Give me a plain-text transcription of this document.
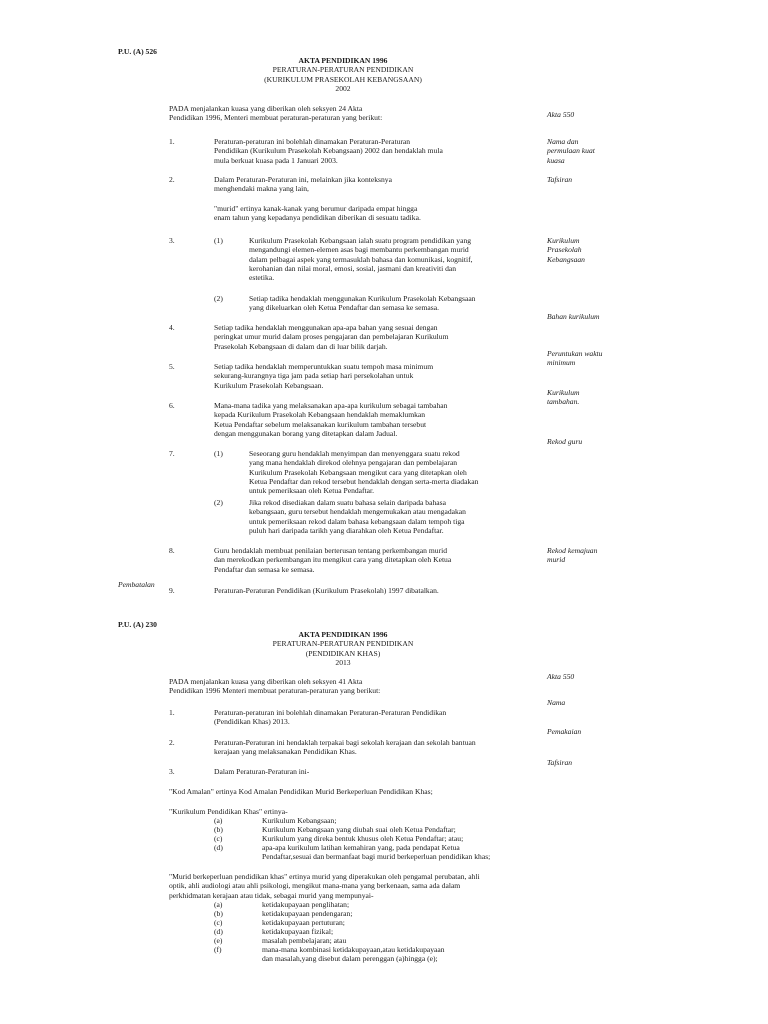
P.U. (A) 526
AKTA PENDIDIKAN 1996
PERATURAN-PERATURAN PENDIDIKAN
(KURIKULUM PRASEKOLAH KEBANGSAAN)
2002
PADA menjalankan kuasa yang diberikan oleh seksyen 24 Akta
Pendidikan 1996, Menteri membuat peraturan-peraturan yang berikut:	Akta 550
1.	Peraturan-peraturan ini bolehlah dinamakan Peraturan-Peraturan
Pendidikan (Kurikulum Prasekolah Kebangsaan) 2002 dan hendaklah mula
mula berkuat kuasa pada 1 Januari 2003.
Nama dan
permulaan kuat
kuasa
2.	Dalam Peraturan-Peraturan ini, melainkan jika konteksnya
menghendaki makna yang lain,
Tafsiran
"murid" ertinya kanak-kanak yang berumur daripada empat hingga
enam tahun yang kepadanya pendidikan diberikan di sesuatu tadika.
3.	(1)	Kurikulum Prasekolah Kebangsaan ialah suatu program pendidikan yang
mengandungi elemen-elemen asas bagi membantu perkembangan murid
dalam pelbagai aspek yang termasuklah bahasa dan komunikasi, kognitif,
kerohanian dan nilai moral, emosi, sosial, jasmani dan kreativiti dan
estetika.
Kurikulum
Prasekolah
Kebangsaan
(2)	Setiap tadika hendaklah menggunakan Kurikulum Prasekolah Kebangsaan
yang dikeluarkan oleh Ketua Pendaftar dan semasa ke semasa.
Bahan kurikulum
4.	Setiap tadika hendaklah menggunakan apa-apa bahan yang sesuai dengan
peringkat umur murid dalam proses pengajaran dan pembelajaran Kurikulum
Prasekolah Kebangsaan di dalam dan di luar bilik darjah.
Peruntukan waktu
minimum
5.	Setiap tadika hendaklah memperuntukkan suatu tempoh masa minimum
sekurang-kurangnya tiga jam pada setiap hari persekolahan untuk
Kurikulum Prasekolah Kebangsaan.
Kurikulum
tambahan.
6.	Mana-mana tadika yang melaksanakan apa-apa kurikulum sebagai tambahan
kepada Kurikulum Prasekolah Kebangsaan hendaklah memaklumkan
Ketua Pendaftar sebelum melaksanakan kurikulum tambahan tersebut
dengan menggunakan borang yang ditetapkan dalam Jadual.
Rekod guru
7.	(1)	Seseorang guru hendaklah menyimpan dan menyenggara suatu rekod
yang mana hendaklah direkod olehnya pengajaran dan pembelajaran
Kurikulum Prasekolah Kebangsaan mengikut cara yang ditetapkan oleh
Ketua Pendaftar dan rekod tersebut hendaklah dengan serta-merta diadakan
untuk pemeriksaan oleh Ketua Pendaftar.
(2)	Jika rekod disediakan dalam suatu bahasa selain daripada bahasa
kebangsaan, guru tersebut hendaklah mengemukakan atau mengadakan
untuk pemeriksaan rekod dalam bahasa kebangsaan dalam tempoh tiga
puluh hari daripada tarikh yang diarahkan oleh Ketua Pendaftar.
8.	Guru hendaklah membuat penilaian berterusan tentang perkembangan murid
dan merekodkan perkembangan itu mengikut cara yang ditetapkan oleh Ketua
Pendaftar dan semasa ke semasa.
Rekod kemajuan
murid
Pembatalan
9.	Peraturan-Peraturan Pendidikan (Kurikulum Prasekolah) 1997 dibatalkan.
P.U. (A) 230
AKTA PENDIDIKAN 1996
PERATURAN-PERATURAN PENDIDIKAN
(PENDIDIKAN KHAS)
2013
Akta 550
PADA menjalankan kuasa yang diberikan oleh seksyen 41 Akta
Pendidikan 1996 Menteri membuat peraturan-peraturan yang berikut:
Nama
1.	Peraturan-peraturan ini bolehlah dinamakan Peraturan-Peraturan Pendidikan
(Pendidikan Khas) 2013.
Pemakaian
2.	Peraturan-Peraturan ini hendaklah terpakai bagi sekolah kerajaan dan sekolah bantuan
kerajaan yang melaksanakan Pendidikan Khas.
Tafsiran
3.	Dalam Peraturan-Peraturan ini-
"Kod Amalan" ertinya Kod Amalan Pendidikan Murid Berkeperluan Pendidikan Khas;
"Kurikulum Pendidikan Khas" ertinya-
(a)	Kurikulum Kebangsaan;
(b)	Kurikulum Kebangsaan yang diubah suai oleh Ketua Pendaftar;
(c)	Kurikulum yang direka bentuk khusus oleh Ketua Pendaftar; atau;
(d)	apa-apa kurikulum latihan kemahiran yang, pada pendapat Ketua
Pendaftar,sesuai dan bermanfaat bagi murid berkeperluan pendidikan khas;
"Murid berkeperluan pendidikan khas" ertinya murid yang diperakukan oleh pengamal perubatan, ahli
optik, ahli audiologi atau ahli psikologi, mengikut mana-mana yang berkenaan, sama ada dalam
perkhidmatan kerajaan atau tidak, sebagai murid yang mempunyai-
(a)	ketidakupayaan penglihatan;
(b)	ketidakupayaan pendengaran;
(c)	ketidakupayaan pertuturan;
(d)	ketidakupayaan fizikal;
(e)	masalah pembelajaran; atau
(f)	mana-mana kombinasi ketidakupayaan,atau ketidakupayaan
dan masalah,yang disebut dalam perenggan (a)hingga (e);
